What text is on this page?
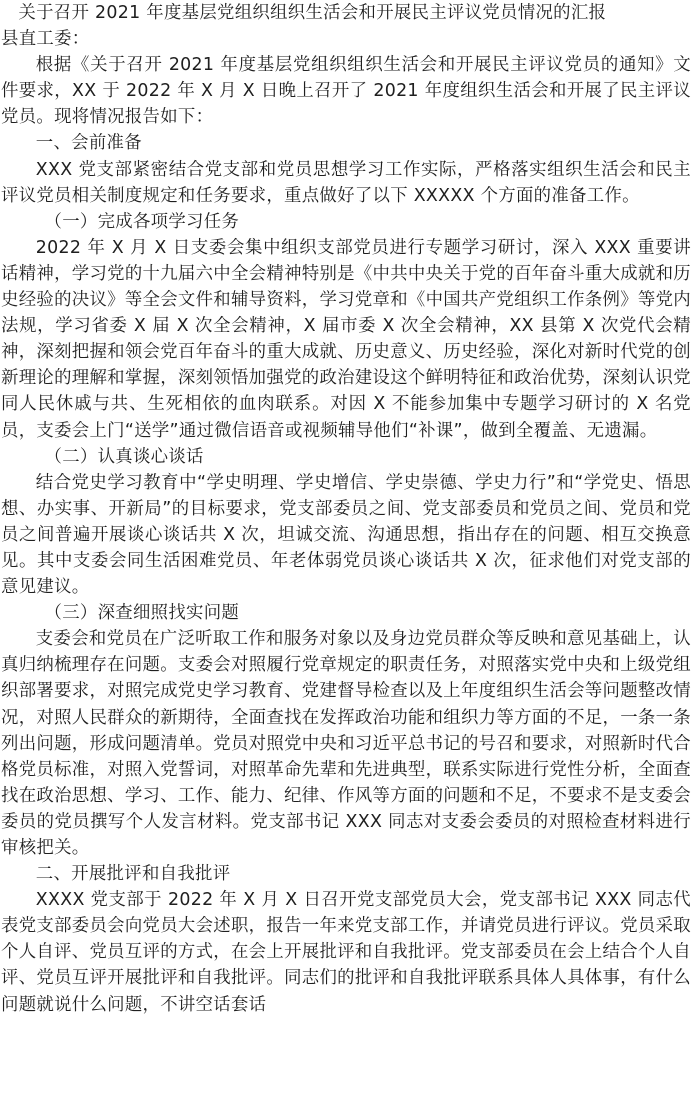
关于召开 2021 年度基层党组织组织生活会和开展民主评议党员情况的汇报

县直工委：

根据《关于召开 2021 年度基层党组织组织生活会和开展民主评议党员的通知》文件要求，XX 于 2022 年 X 月 X 日晚上召开了 2021 年度组织生活会和开展了民主评议党员。现将情况报告如下：

一、会前准备

XXX 党支部紧密结合党支部和党员思想学习工作实际，严格落实组织生活会和民主评议党员相关制度规定和任务要求，重点做好了以下 XXXXX 个方面的准备工作。

（一）完成各项学习任务

2022 年 X 月 X 日支委会集中组织支部党员进行专题学习研讨，深入 XXX 重要讲话精神，学习党的十九届六中全会精神特别是《中共中央关于党的百年奋斗重大成就和历史经验的决议》等全会文件和辅导资料，学习党章和《中国共产党组织工作条例》等党内法规，学习省委 X 届 X 次全会精神，X 届市委 X 次全会精神，XX 县第 X 次党代会精神，深刻把握和领会党百年奋斗的重大成就、历史意义、历史经验，深化对新时代党的创新理论的理解和掌握，深刻领悟加强党的政治建设这个鲜明特征和政治优势，深刻认识党同人民休戚与共、生死相依的血肉联系。对因 X 不能参加集中专题学习研讨的 X 名党员，支委会上门“送学”通过微信语音或视频辅导他们“补课”，做到全覆盖、无遗漏。

（二）认真谈心谈话

结合党史学习教育中“学史明理、学史增信、学史崇德、学史力行”和“学党史、悟思想、办实事、开新局”的目标要求，党支部委员之间、党支部委员和党员之间、党员和党员之间普遍开展谈心谈话共 X 次，坦诚交流、沟通思想，指出存在的问题、相互交换意见。其中支委会同生活困难党员、年老体弱党员谈心谈话共 X 次，征求他们对党支部的意见建议。

（三）深查细照找实问题

支委会和党员在广泛听取工作和服务对象以及身边党员群众等反映和意见基础上，认真归纳梳理存在问题。支委会对照履行党章规定的职责任务，对照落实党中央和上级党组织部署要求，对照完成党史学习教育、党建督导检查以及上年度组织生活会等问题整改情况，对照人民群众的新期待，全面查找在发挥政治功能和组织力等方面的不足，一条一条列出问题，形成问题清单。党员对照党中央和习近平总书记的号召和要求，对照新时代合格党员标准，对照入党誓词，对照革命先辈和先进典型，联系实际进行党性分析，全面查找在政治思想、学习、工作、能力、纪律、作风等方面的问题和不足，不要求不是支委会委员的党员撰写个人发言材料。党支部书记 XXX 同志对支委会委员的对照检查材料进行审核把关。

二、开展批评和自我批评

XXXX 党支部于 2022 年 X 月 X 日召开党支部党员大会，党支部书记 XXX 同志代表党支部委员会向党员大会述职，报告一年来党支部工作，并请党员进行评议。党员采取个人自评、党员互评的方式，在会上开展批评和自我批评。党支部委员在会上结合个人自评、党员互评开展批评和自我批评。同志们的批评和自我批评联系具体人具体事，有什么问题就说什么问题，不讲空话套话
